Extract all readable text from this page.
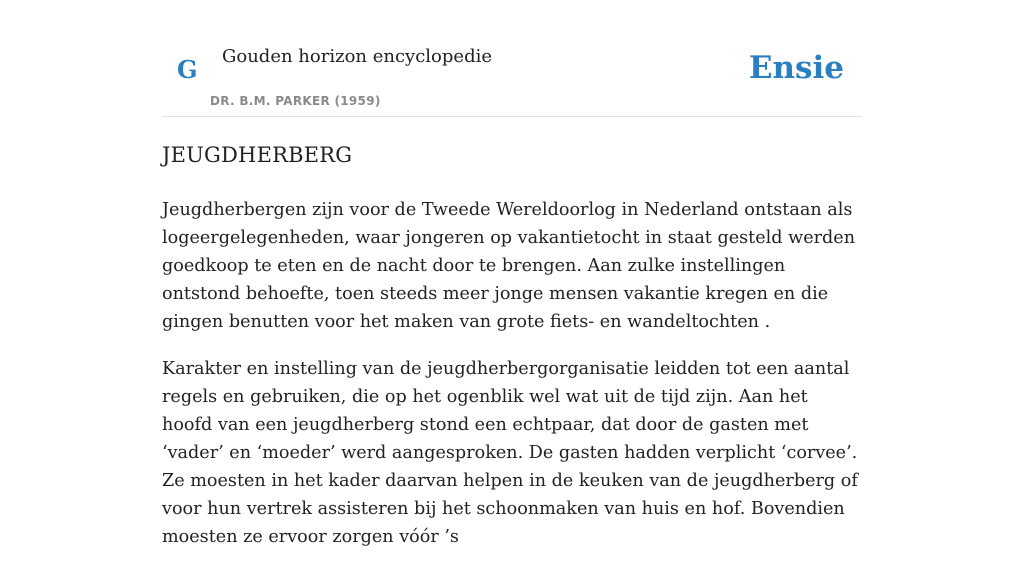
G Gouden horizon encyclopedie
DR. B.M. PARKER (1959)
Ensie
JEUGDHERBERG

Jeugdherbergen zijn voor de Tweede Wereldoorlog in Nederland ontstaan als logeergelegenheden, waar jongeren op vakantietocht in staat gesteld werden goedkoop te eten en de nacht door te brengen. Aan zulke instellingen ontstond behoefte, toen steeds meer jonge mensen vakantie kregen en die gingen benutten voor het maken van grote fiets- en wandeltochten .

Karakter en instelling van de jeugdherbergorganisatie leidden tot een aantal regels en gebruiken, die op het ogenblik wel wat uit de tijd zijn. Aan het hoofd van een jeugdherberg stond een echtpaar, dat door de gasten met ‘vader’ en ‘moeder’ werd aangesproken. De gasten hadden verplicht ‘corvee’. Ze moesten in het kader daarvan helpen in de keuken van de jeugdherberg of voor hun vertrek assisteren bij het schoonmaken van huis en hof. Bovendien moesten ze ervoor zorgen vóór ’s
